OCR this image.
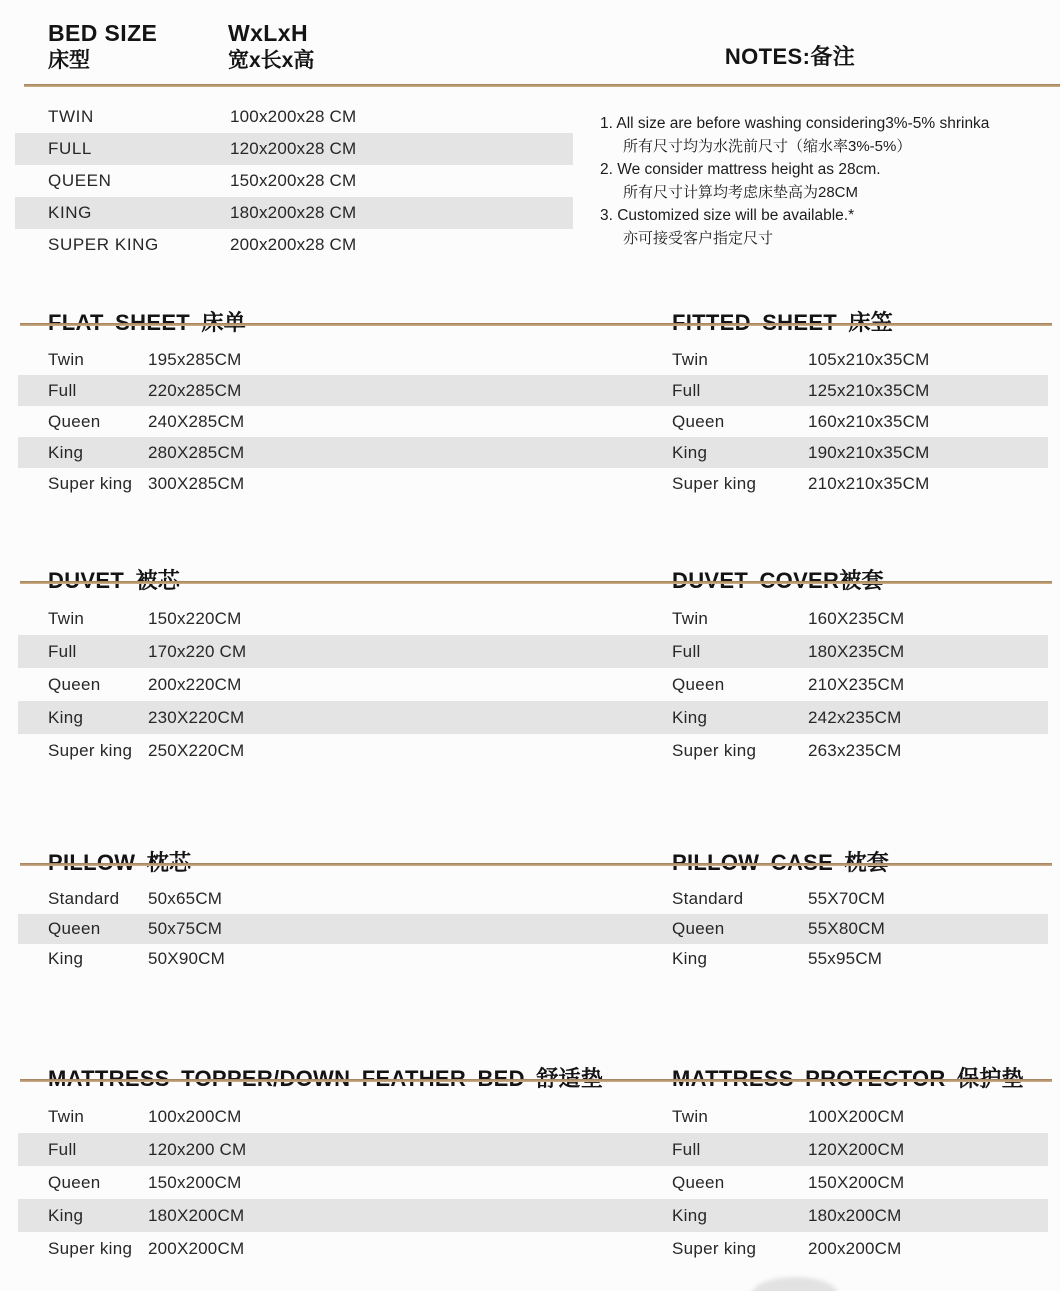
BED SIZE
床型
WxLxH
宽x长x高	NOTES:备注
TWIN	100x200x28 CM
FULL	120x200x28 CM
QUEEN	150x200x28 CM
KING	180x200x28 CM
SUPER KING	200x200x28 CM
1. All size are before washing considering3%-5% shrinka
所有尺寸均为水洗前尺寸（缩水率3%-5%）
2. We consider mattress height as 28cm.
所有尺寸计算均考虑床垫高为28CM
3. Customized size will be available.*
亦可接受客户指定尺寸
Twin	195x285CM
Full	220x285CM
Queen	240X285CM
King	280X285CM
Super king 300X285CM
Twin	105x210x35CM
Full	125x210x35CM
Queen	160x210x35CM
King	190x210x35CM
Super king	210x210x35CM
Twin	150x220CM
Full	170x220 CM
Queen	200x220CM
King	230X220CM
Super king 250X220CM
Twin	160X235CM
Full	180X235CM
Queen	210X235CM
King	242x235CM
Super king	263x235CM
Standard	50x65CM
Queen	50x75CM
King	50X90CM
Standard	55X70CM
Queen	55X80CM
King	55x95CM
Twin	100x200CM
Full	120x200 CM
Queen	150x200CM
King	180X200CM
Super king 200X200CM
Twin	100X200CM
Full	120X200CM
Queen	150X200CM
King	180x200CM
Super king	200x200CM
